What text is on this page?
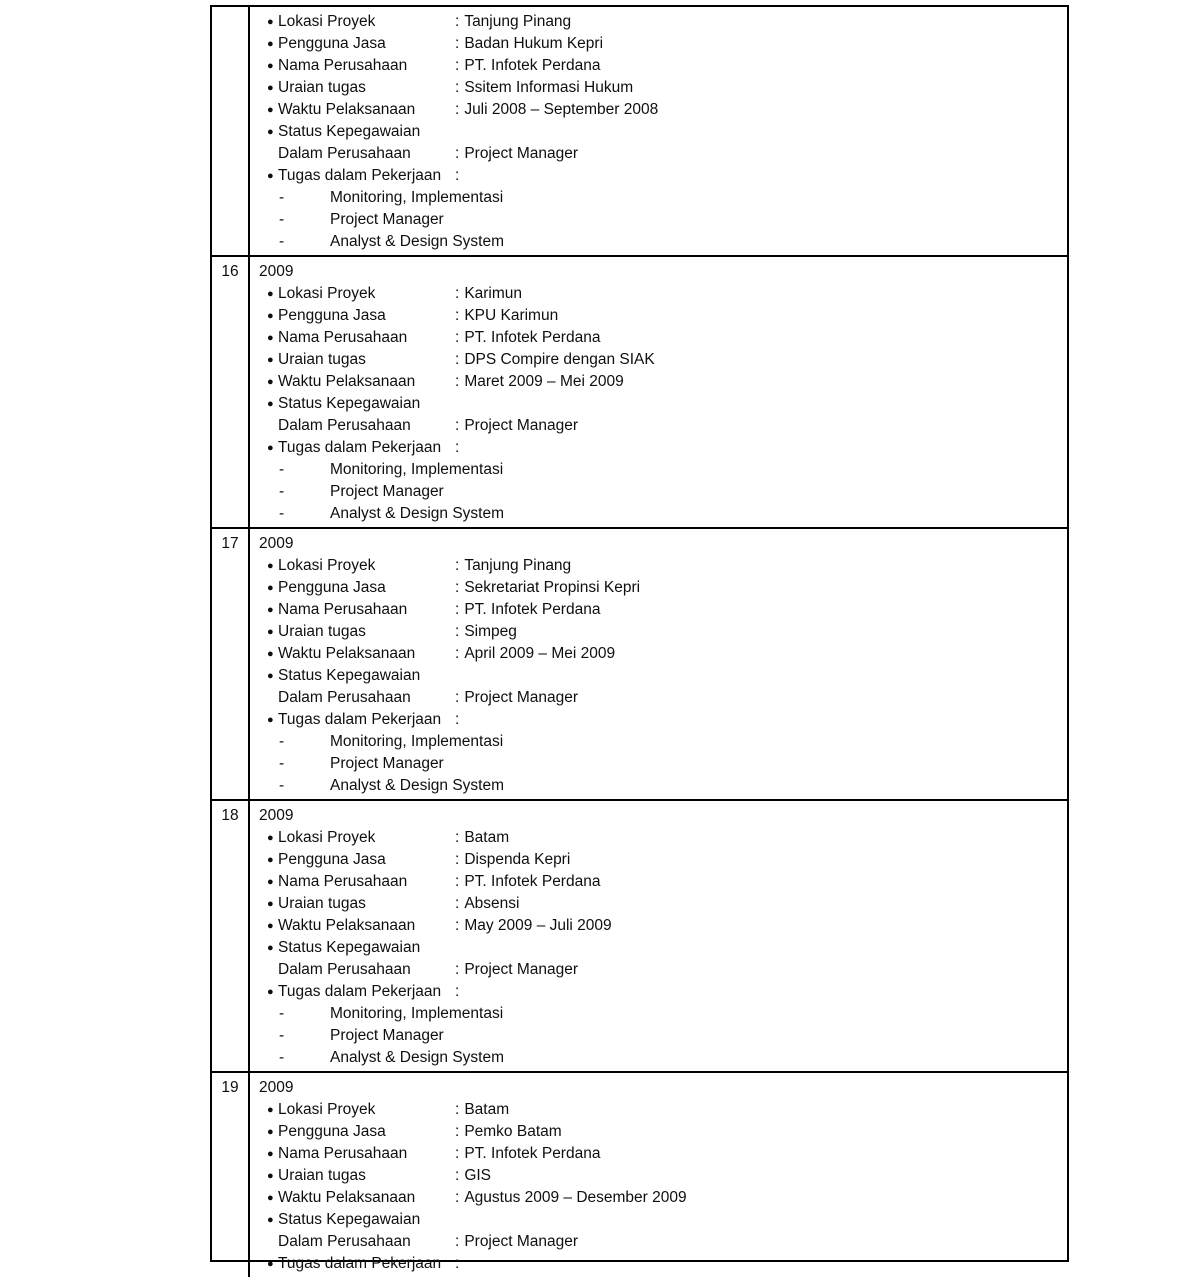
● Lokasi Proyek	: Tanjung Pinang
● Pengguna Jasa	: Badan Hukum Kepri
● Nama Perusahaan	: PT. Infotek Perdana
● Uraian tugas	: Ssitem Informasi Hukum
● Waktu Pelaksanaan	: Juli 2008 – September 2008
● Status Kepegawaian
Dalam Perusahaan	: Project Manager
● Tugas dalam Pekerjaan :
-	Monitoring, Implementasi
-	Project Manager
-	Analyst & Design System
16	2009
● Lokasi Proyek	: Karimun
● Pengguna Jasa	: KPU Karimun
● Nama Perusahaan	: PT. Infotek Perdana
● Uraian tugas	: DPS Compire dengan SIAK
● Waktu Pelaksanaan	: Maret 2009 – Mei 2009
● Status Kepegawaian
Dalam Perusahaan	: Project Manager
● Tugas dalam Pekerjaan :
-	Monitoring, Implementasi
-	Project Manager
-	Analyst & Design System
17	2009
● Lokasi Proyek	: Tanjung Pinang
● Pengguna Jasa	: Sekretariat Propinsi Kepri
● Nama Perusahaan	: PT. Infotek Perdana
● Uraian tugas	: Simpeg
● Waktu Pelaksanaan	: April 2009 – Mei 2009
● Status Kepegawaian
Dalam Perusahaan	: Project Manager
● Tugas dalam Pekerjaan :
-	Monitoring, Implementasi
-	Project Manager
-	Analyst & Design System
18	2009
● Lokasi Proyek	: Batam
● Pengguna Jasa	: Dispenda Kepri
● Nama Perusahaan	: PT. Infotek Perdana
● Uraian tugas	: Absensi
● Waktu Pelaksanaan	: May 2009 – Juli 2009
● Status Kepegawaian
Dalam Perusahaan	: Project Manager
● Tugas dalam Pekerjaan :
-	Monitoring, Implementasi
-	Project Manager
-	Analyst & Design System
19	2009
● Lokasi Proyek	: Batam
● Pengguna Jasa	: Pemko Batam
● Nama Perusahaan	: PT. Infotek Perdana
● Uraian tugas	: GIS
● Waktu Pelaksanaan	: Agustus 2009 – Desember 2009
● Status Kepegawaian
Dalam Perusahaan	: Project Manager
● Tugas dalam Pekerjaan :
